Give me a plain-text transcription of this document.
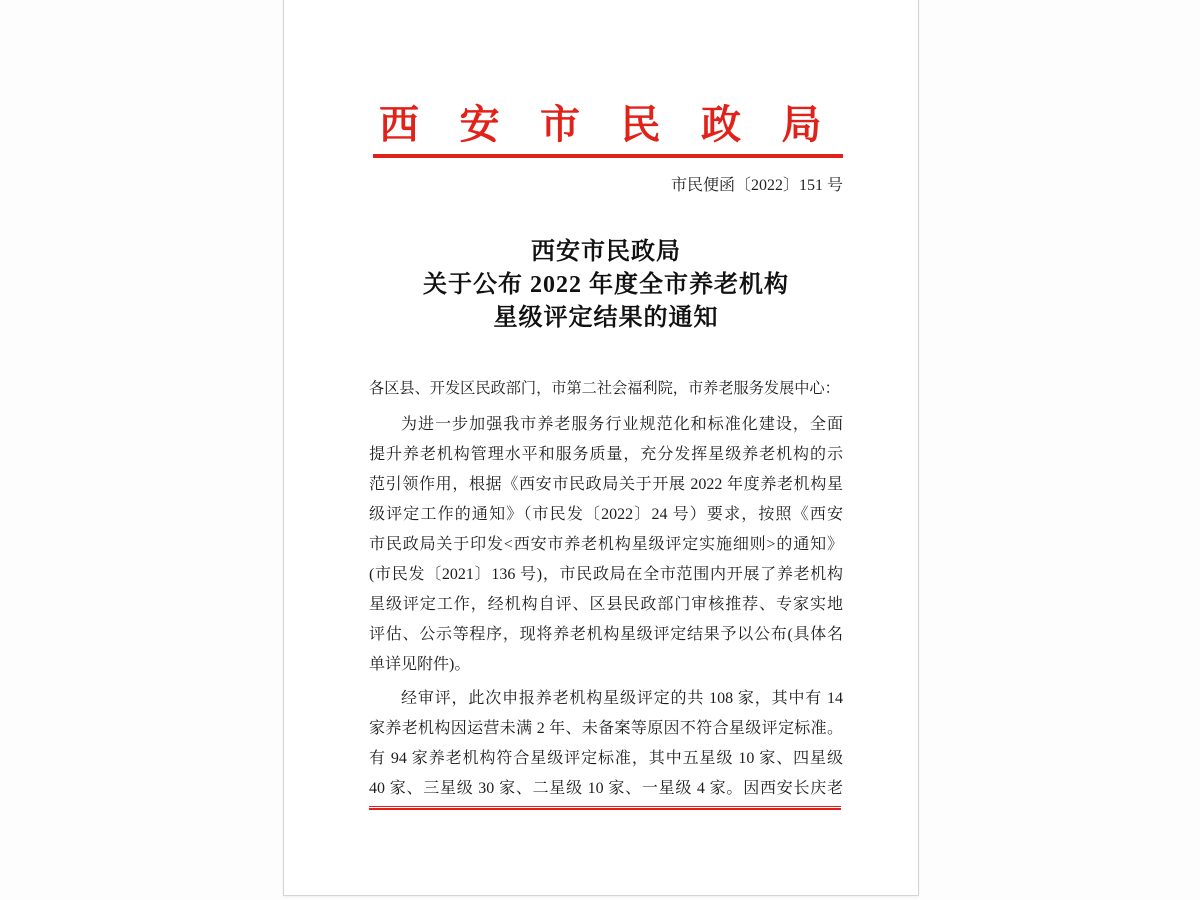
西安市民政局
市民便函〔2022〕151 号
西安市民政局
关于公布 2022 年度全市养老机构
星级评定结果的通知
各区县、开发区民政部门，市第二社会福利院，市养老服务发展中心：
为进一步加强我市养老服务行业规范化和标准化建设，全面
提升养老机构管理水平和服务质量，充分发挥星级养老机构的示
范引领作用，根据《西安市民政局关于开展 2022 年度养老机构星
级评定工作的通知》（市民发〔2022〕24 号）要求，按照《西安
市民政局关于印发<西安市养老机构星级评定实施细则>的通知》
(市民发〔2021〕136 号)，市民政局在全市范围内开展了养老机构
星级评定工作，经机构自评、区县民政部门审核推荐、专家实地
评估、公示等程序，现将养老机构星级评定结果予以公布(具体名
单详见附件)。
经审评，此次申报养老机构星级评定的共 108 家，其中有 14
家养老机构因运营未满 2 年、未备案等原因不符合星级评定标准。
有 94 家养老机构符合星级评定标准，其中五星级 10 家、四星级
40 家、三星级 30 家、二星级 10 家、一星级 4 家。因西安长庆老
